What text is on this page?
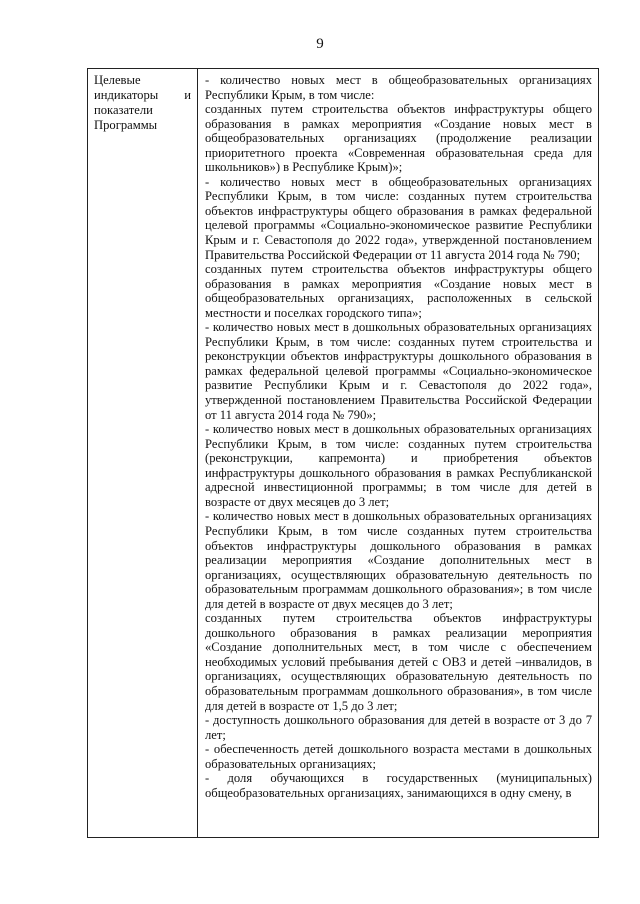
9
Целевые
индикаторы и
показатели
Программы
- количество новых мест в общеобразовательных организациях Республики Крым, в том числе:
созданных путем строительства объектов инфраструктуры общего образования в рамках мероприятия «Создание новых мест в общеобразовательных организациях (продолжение реализации приоритетного проекта «Современная образовательная среда для школьников») в Республике Крым)»;
- количество новых мест в общеобразовательных организациях Республики Крым, в том числе: созданных путем строительства объектов инфраструктуры общего образования в рамках федеральной целевой программы «Социально-экономическое развитие Республики Крым и г. Севастополя до 2022 года», утвержденной постановлением Правительства Российской Федерации от 11 августа 2014 года № 790;
созданных путем строительства объектов инфраструктуры общего образования в рамках мероприятия «Создание новых мест в общеобразовательных организациях, расположенных в сельской местности и поселках городского типа»;
- количество новых мест в дошкольных образовательных организациях Республики Крым, в том числе: созданных путем строительства и реконструкции объектов инфраструктуры дошкольного образования в рамках федеральной целевой программы «Социально-экономическое развитие Республики Крым и г. Севастополя до 2022 года», утвержденной постановлением Правительства Российской Федерации от 11 августа 2014 года № 790»;
- количество новых мест в дошкольных образовательных организациях Республики Крым, в том числе: созданных путем строительства (реконструкции, капремонта) и приобретения объектов инфраструктуры дошкольного образования в рамках Республиканской адресной инвестиционной программы; в том числе для детей в возрасте от двух месяцев до 3 лет;
- количество новых мест в дошкольных образовательных организациях Республики Крым, в том числе созданных путем строительства объектов инфраструктуры дошкольного образования в рамках реализации мероприятия «Создание дополнительных мест в организациях, осуществляющих образовательную деятельность по образовательным программам дошкольного образования»; в том числе для детей в возрасте от двух месяцев до 3 лет;
созданных путем строительства объектов инфраструктуры дошкольного образования в рамках реализации мероприятия «Создание дополнительных мест, в том числе с обеспечением необходимых условий пребывания детей с ОВЗ и детей –инвалидов, в организациях, осуществляющих образовательную деятельность по образовательным программам дошкольного образования», в том числе для детей в возрасте от 1,5 до 3 лет;
- доступность дошкольного образования для детей в возрасте от 3 до 7 лет;
- обеспеченность детей дошкольного возраста местами в дошкольных образовательных организациях;
- доля обучающихся в государственных (муниципальных) общеобразовательных организациях, занимающихся в одну смену, в
